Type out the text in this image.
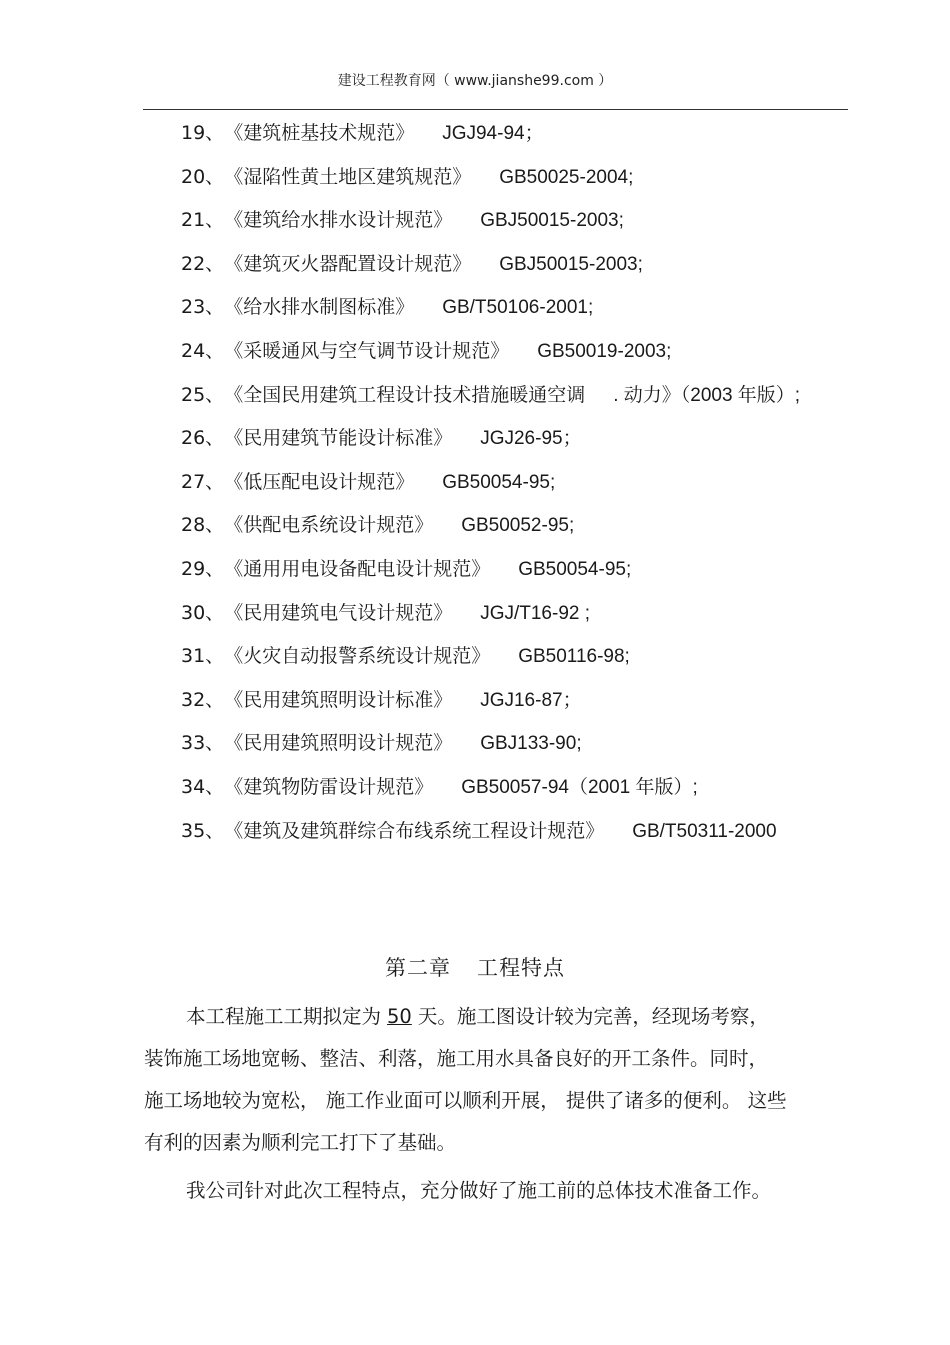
建设工程教育网（ www.jianshe99.com ）
19、《建筑桩基技术规范》 JGJ94-94；
20、《湿陷性黄土地区建筑规范》 GB50025-2004;
21、《建筑给水排水设计规范》 GBJ50015-2003;
22、《建筑灭火器配置设计规范》 GBJ50015-2003;
23、《给水排水制图标准》 GB/T50106-2001;
24、《采暖通风与空气调节设计规范》 GB50019-2003;
25、《全国民用建筑工程设计技术措施暖通空调 . 动力》（2003 年版）;
26、《民用建筑节能设计标准》 JGJ26-95；
27、《低压配电设计规范》 GB50054-95;
28、《供配电系统设计规范》 GB50052-95;
29、《通用用电设备配电设计规范》 GB50054-95;
30、《民用建筑电气设计规范》 JGJ/T16-92 ;
31、《火灾自动报警系统设计规范》 GB50116-98;
32、《民用建筑照明设计标准》 JGJ16-87；
33、《民用建筑照明设计规范》 GBJ133-90;
34、《建筑物防雷设计规范》 GB50057-94（2001 年版）;
35、《建筑及建筑群综合布线系统工程设计规范》 GB/T50311-2000
第二章 工程特点
本工程施工工期拟定为 50 天。施工图设计较为完善，经现场考察，
装饰施工场地宽畅、整洁、利落，施工用水具备良好的开工条件。同时，
施工场地较为宽松， 施工作业面可以顺利开展， 提供了诸多的便利。 这些
有利的因素为顺利完工打下了基础。
我公司针对此次工程特点，充分做好了施工前的总体技术准备工作。
